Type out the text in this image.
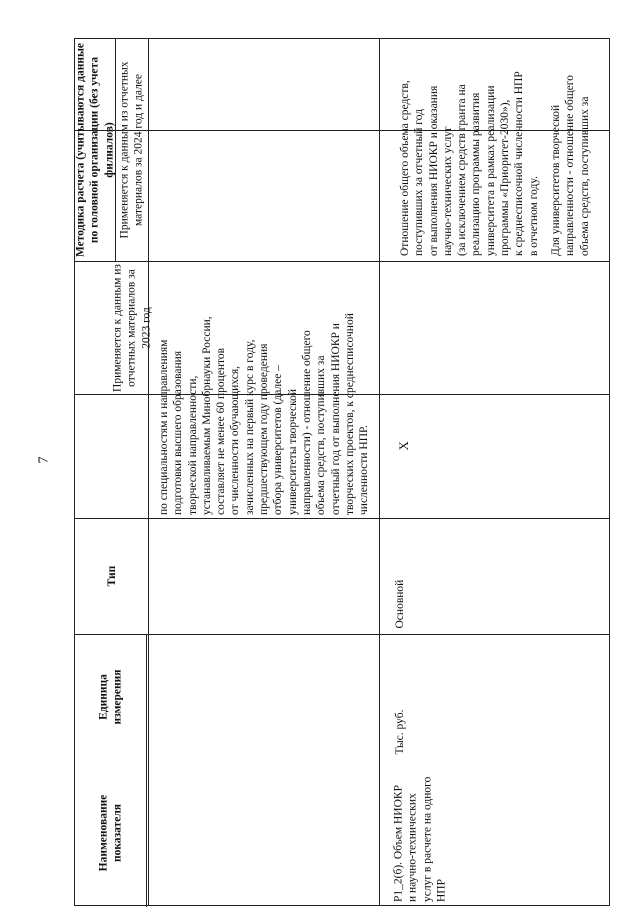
7
Методика расчета (учитываются данные по головной организации (без учета филиалов) Применяется к данным из отчетных материалов за 2024 год и далее
Применяется к данным из отчетных материалов за 2023 год
Тип
Единица измерения
Наименование показателя
по специальностям и направлениям подготовки высшего образования творческой направленности, устанавливаемым Минобрнауки России, составляет не менее 60 процентов от численности обучающихся, зачисленных на первый курс в году, предшествующем году проведения отбора университетов (далее – университеты творческой направленности) - отношение общего объема средств, поступивших за отчетный год от выполнения НИОКР и творческих проектов, к среднесписочной численности НПР.
Отношение общего объема средств, поступивших за отчетный год от выполнения НИОКР и оказания научно-технических услуг (за исключением средств гранта на реализацию программы развития университета в рамках реализации программы «Приоритет-2030»), к среднесписочной численности НПР в отчетном году. Для университетов творческой направленности - отношение общего объема средств, поступивших за
Х
Основной
Тыс. руб.
Р1_2(б). Объем НИОКР и научно-технических услуг в расчете на одного НПР
